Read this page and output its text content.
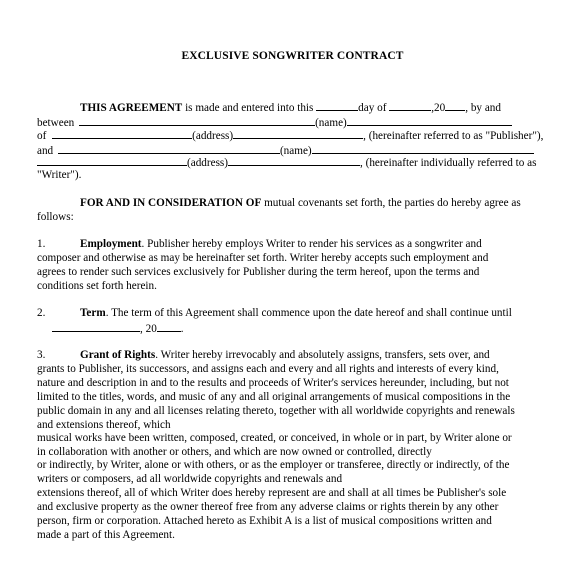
EXCLUSIVE SONGWRITER CONTRACT
THIS AGREEMENT is made and entered into this	day of	,20 , by and
between	(name)
of	(address)	, (hereinafter referred to as "Publisher"),
and	(name)
(address)	, (hereinafter individually referred to as
"Writer").
FOR AND IN CONSIDERATION OF mutual covenants set forth, the parties do hereby agree as
follows:
1.	Employment. Publisher hereby employs Writer to render his services as a songwriter and
composer and otherwise as may be hereinafter set forth. Writer hereby accepts such employment and
agrees to render such services exclusively for Publisher during the term hereof, upon the terms and
conditions set forth herein.
2.	Term. The term of this Agreement shall commence upon the date hereof and shall continue until
, 20 .
3.	Grant of Rights. Writer hereby irrevocably and absolutely assigns, transfers, sets over, and
grants to Publisher, its successors, and assigns each and every and all rights and interests of every kind,
nature and description in and to the results and proceeds of Writer's services hereunder, including, but not
limited to the titles, words, and music of any and all original arrangements of musical compositions in the
public domain in any and all licenses relating thereto, together with all worldwide copyrights and renewals
and extensions thereof, which
musical works have been written, composed, created, or conceived, in whole or in part, by Writer alone or
in collaboration with another or others, and which are now owned or controlled, directly
or indirectly, by Writer, alone or with others, or as the employer or transferee, directly or indirectly, of the
writers or composers, ad all worldwide copyrights and renewals and
extensions thereof, all of which Writer does hereby represent are and shall at all times be Publisher's sole
and exclusive property as the owner thereof free from any adverse claims or rights therein by any other
person, firm or corporation. Attached hereto as Exhibit A is a list of musical compositions written and
made a part of this Agreement.
